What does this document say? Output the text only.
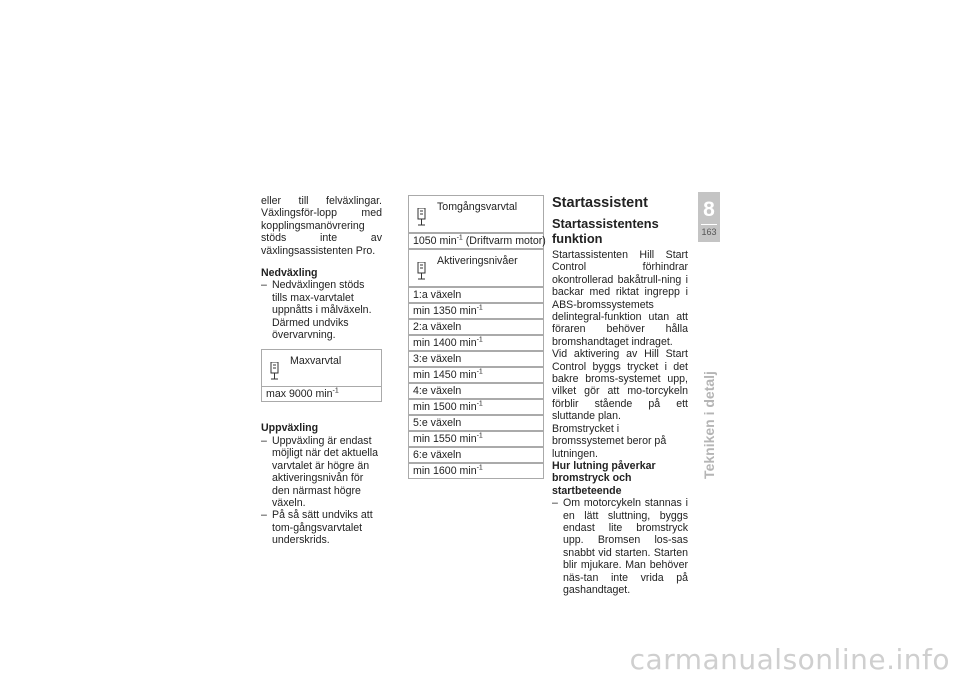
eller till felväxlingar. Växlingsför-lopp med kopplingsmanövrering stöds inte av växlingsassistenten Pro.

Nedväxling

– Nedväxlingen stöds tills max-varvtalet uppnåtts i målväxeln. Därmed undviks övervarvning.

Maxvarvtal
max 9000 $\min^{-1}$

Uppväxling

– Uppväxling är endast möjligt när det aktuella varvtalet är högre än aktiveringsnivån för den närmast högre växeln.

– På så sätt undviks att tom-gångsvarvtalet underskrids.

Tomgångsvarvtal
1050 $\min^{-1}$ (Driftvarm motor)
Aktiveringsnivåer
1:a växeln
min 1350 $\min^{-1}$
2:a växeln
min 1400 $\min^{-1}$
3:e växeln
min 1450 $\min^{-1}$
4:e växeln
min 1500 $\min^{-1}$
5:e växeln
min 1550 $\min^{-1}$
6:e växeln
min 1600 $\min^{-1}$

Startassistent

Startassistentens funktion

Startassistenten Hill Start Control förhindrar okontrollerad bakåtrull-ning i backar med riktat ingrepp i ABS-bromssystemets delintegral-funktion utan att föraren behöver hålla bromshandtaget indraget.

Vid aktivering av Hill Start Control byggs trycket i det bakre broms-systemet upp, vilket gör att mo-torcykeln förblir stående på ett sluttande plan.

Bromstrycket i bromssystemet beror på lutningen.

Hur lutning påverkar bromstryck och startbeteende

– Om motorcykeln stannas i en lätt sluttning, byggs endast lite bromstryck upp. Bromsen los-sas snabbt vid starten. Starten blir mjukare. Man behöver näs-tan inte vrida på gashandtaget.

8
163
Tekniken i detalj
carmanualsonline.info
